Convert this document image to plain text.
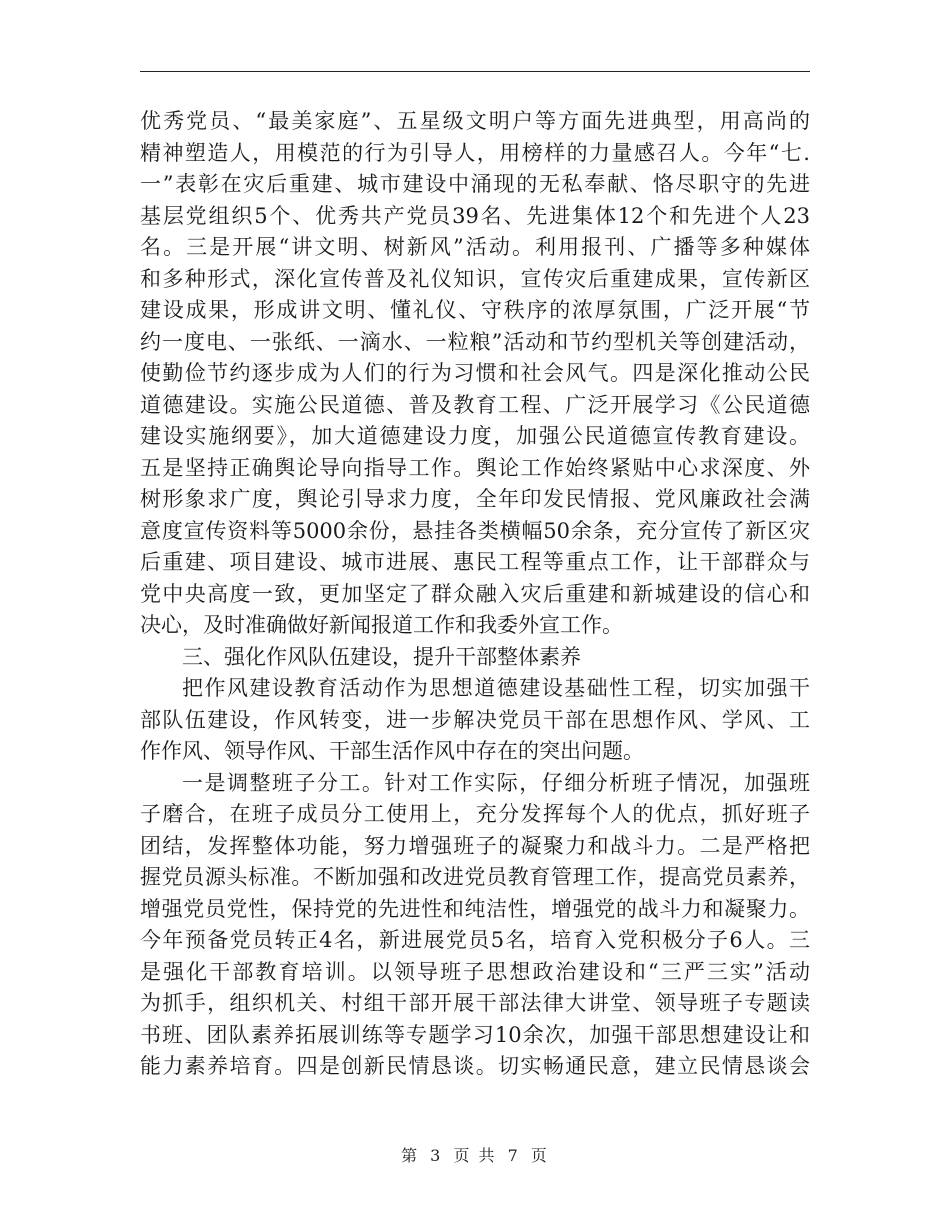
优秀党员、“最美家庭”、五星级文明户等方面先进典型，用高尚的
精神塑造人，用模范的行为引导人，用榜样的力量感召人。今年“七.
一”表彰在灾后重建、城市建设中涌现的无私奉献、恪尽职守的先进
基层党组织5个、优秀共产党员39名、先进集体12个和先进个人23
名。三是开展“讲文明、树新风”活动。利用报刊、广播等多种媒体
和多种形式，深化宣传普及礼仪知识，宣传灾后重建成果，宣传新区
建设成果，形成讲文明、懂礼仪、守秩序的浓厚氛围，广泛开展“节
约一度电、一张纸、一滴水、一粒粮”活动和节约型机关等创建活动，
使勤俭节约逐步成为人们的行为习惯和社会风气。四是深化推动公民
道德建设。实施公民道德、普及教育工程、广泛开展学习《公民道德
建设实施纲要》，加大道德建设力度，加强公民道德宣传教育建设。
五是坚持正确舆论导向指导工作。舆论工作始终紧贴中心求深度、外
树形象求广度，舆论引导求力度，全年印发民情报、党风廉政社会满
意度宣传资料等5000余份，悬挂各类横幅50余条，充分宣传了新区灾
后重建、项目建设、城市进展、惠民工程等重点工作，让干部群众与
党中央高度一致，更加坚定了群众融入灾后重建和新城建设的信心和
决心，及时准确做好新闻报道工作和我委外宣工作。
三、强化作风队伍建设，提升干部整体素养
把作风建设教育活动作为思想道德建设基础性工程，切实加强干
部队伍建设，作风转变，进一步解决党员干部在思想作风、学风、工
作作风、领导作风、干部生活作风中存在的突出问题。
一是调整班子分工。针对工作实际，仔细分析班子情况，加强班
子磨合，在班子成员分工使用上，充分发挥每个人的优点，抓好班子
团结，发挥整体功能，努力增强班子的凝聚力和战斗力。二是严格把
握党员源头标准。不断加强和改进党员教育管理工作，提高党员素养，
增强党员党性，保持党的先进性和纯洁性，增强党的战斗力和凝聚力。
今年预备党员转正4名，新进展党员5名，培育入党积极分子6人。三
是强化干部教育培训。以领导班子思想政治建设和“三严三实”活动
为抓手，组织机关、村组干部开展干部法律大讲堂、领导班子专题读
书班、团队素养拓展训练等专题学习10余次，加强干部思想建设让和
能力素养培育。四是创新民情恳谈。切实畅通民意，建立民情恳谈会
第 3 页 共 7 页
